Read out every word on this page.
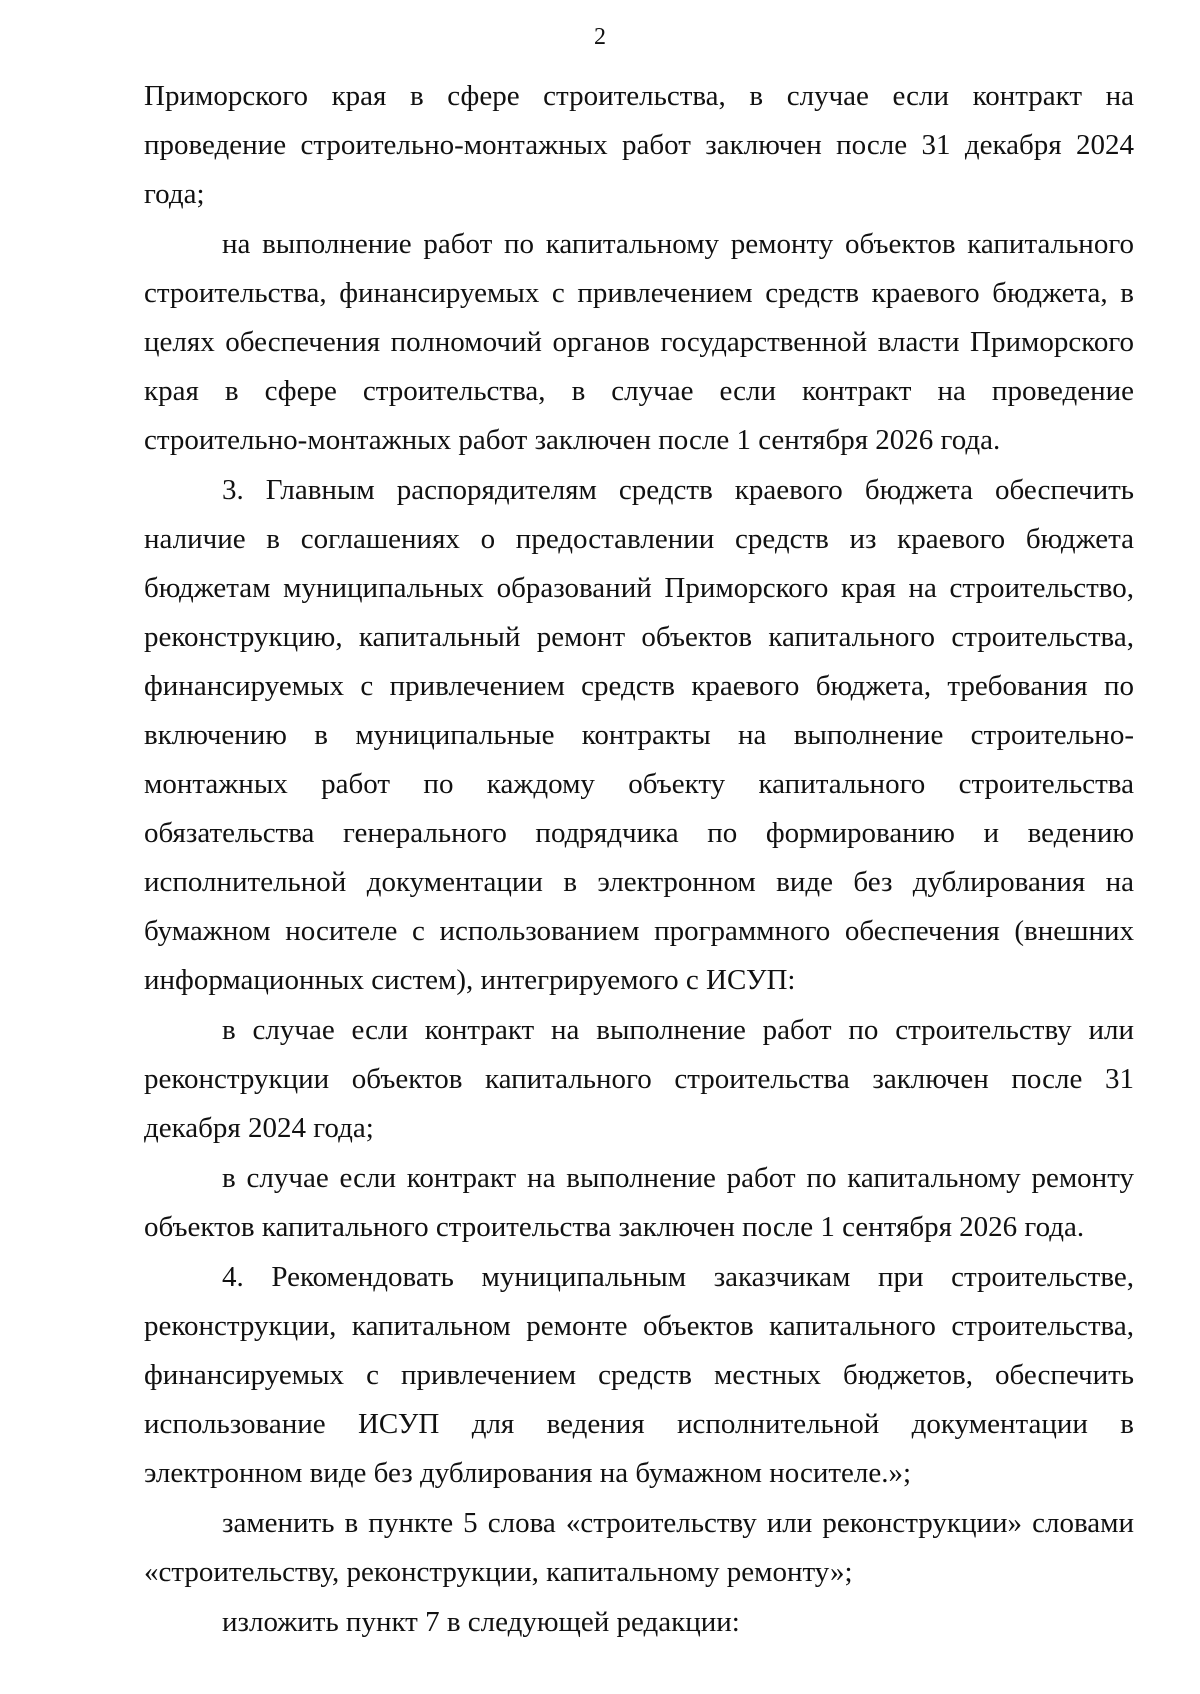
2

Приморского края в сфере строительства, в случае если контракт на проведение строительно-монтажных работ заключен после 31 декабря 2024 года;

на выполнение работ по капитальному ремонту объектов капитального строительства, финансируемых с привлечением средств краевого бюджета, в целях обеспечения полномочий органов государственной власти Приморского края в сфере строительства, в случае если контракт на проведение строительно-монтажных работ заключен после 1 сентября 2026 года.

3. Главным распорядителям средств краевого бюджета обеспечить наличие в соглашениях о предоставлении средств из краевого бюджета бюджетам муниципальных образований Приморского края на строительство, реконструкцию, капитальный ремонт объектов капитального строительства, финансируемых с привлечением средств краевого бюджета, требования по включению в муниципальные контракты на выполнение строительно-монтажных работ по каждому объекту капитального строительства обязательства генерального подрядчика по формированию и ведению исполнительной документации в электронном виде без дублирования на бумажном носителе с использованием программного обеспечения (внешних информационных систем), интегрируемого с ИСУП:

в случае если контракт на выполнение работ по строительству или реконструкции объектов капитального строительства заключен после 31 декабря 2024 года;

в случае если контракт на выполнение работ по капитальному ремонту объектов капитального строительства заключен после 1 сентября 2026 года.

4. Рекомендовать муниципальным заказчикам при строительстве, реконструкции, капитальном ремонте объектов капитального строительства, финансируемых с привлечением средств местных бюджетов, обеспечить использование ИСУП для ведения исполнительной документации в электронном виде без дублирования на бумажном носителе.»;

заменить в пункте 5 слова «строительству или реконструкции» словами «строительству, реконструкции, капитальному ремонту»;

изложить пункт 7 в следующей редакции:
